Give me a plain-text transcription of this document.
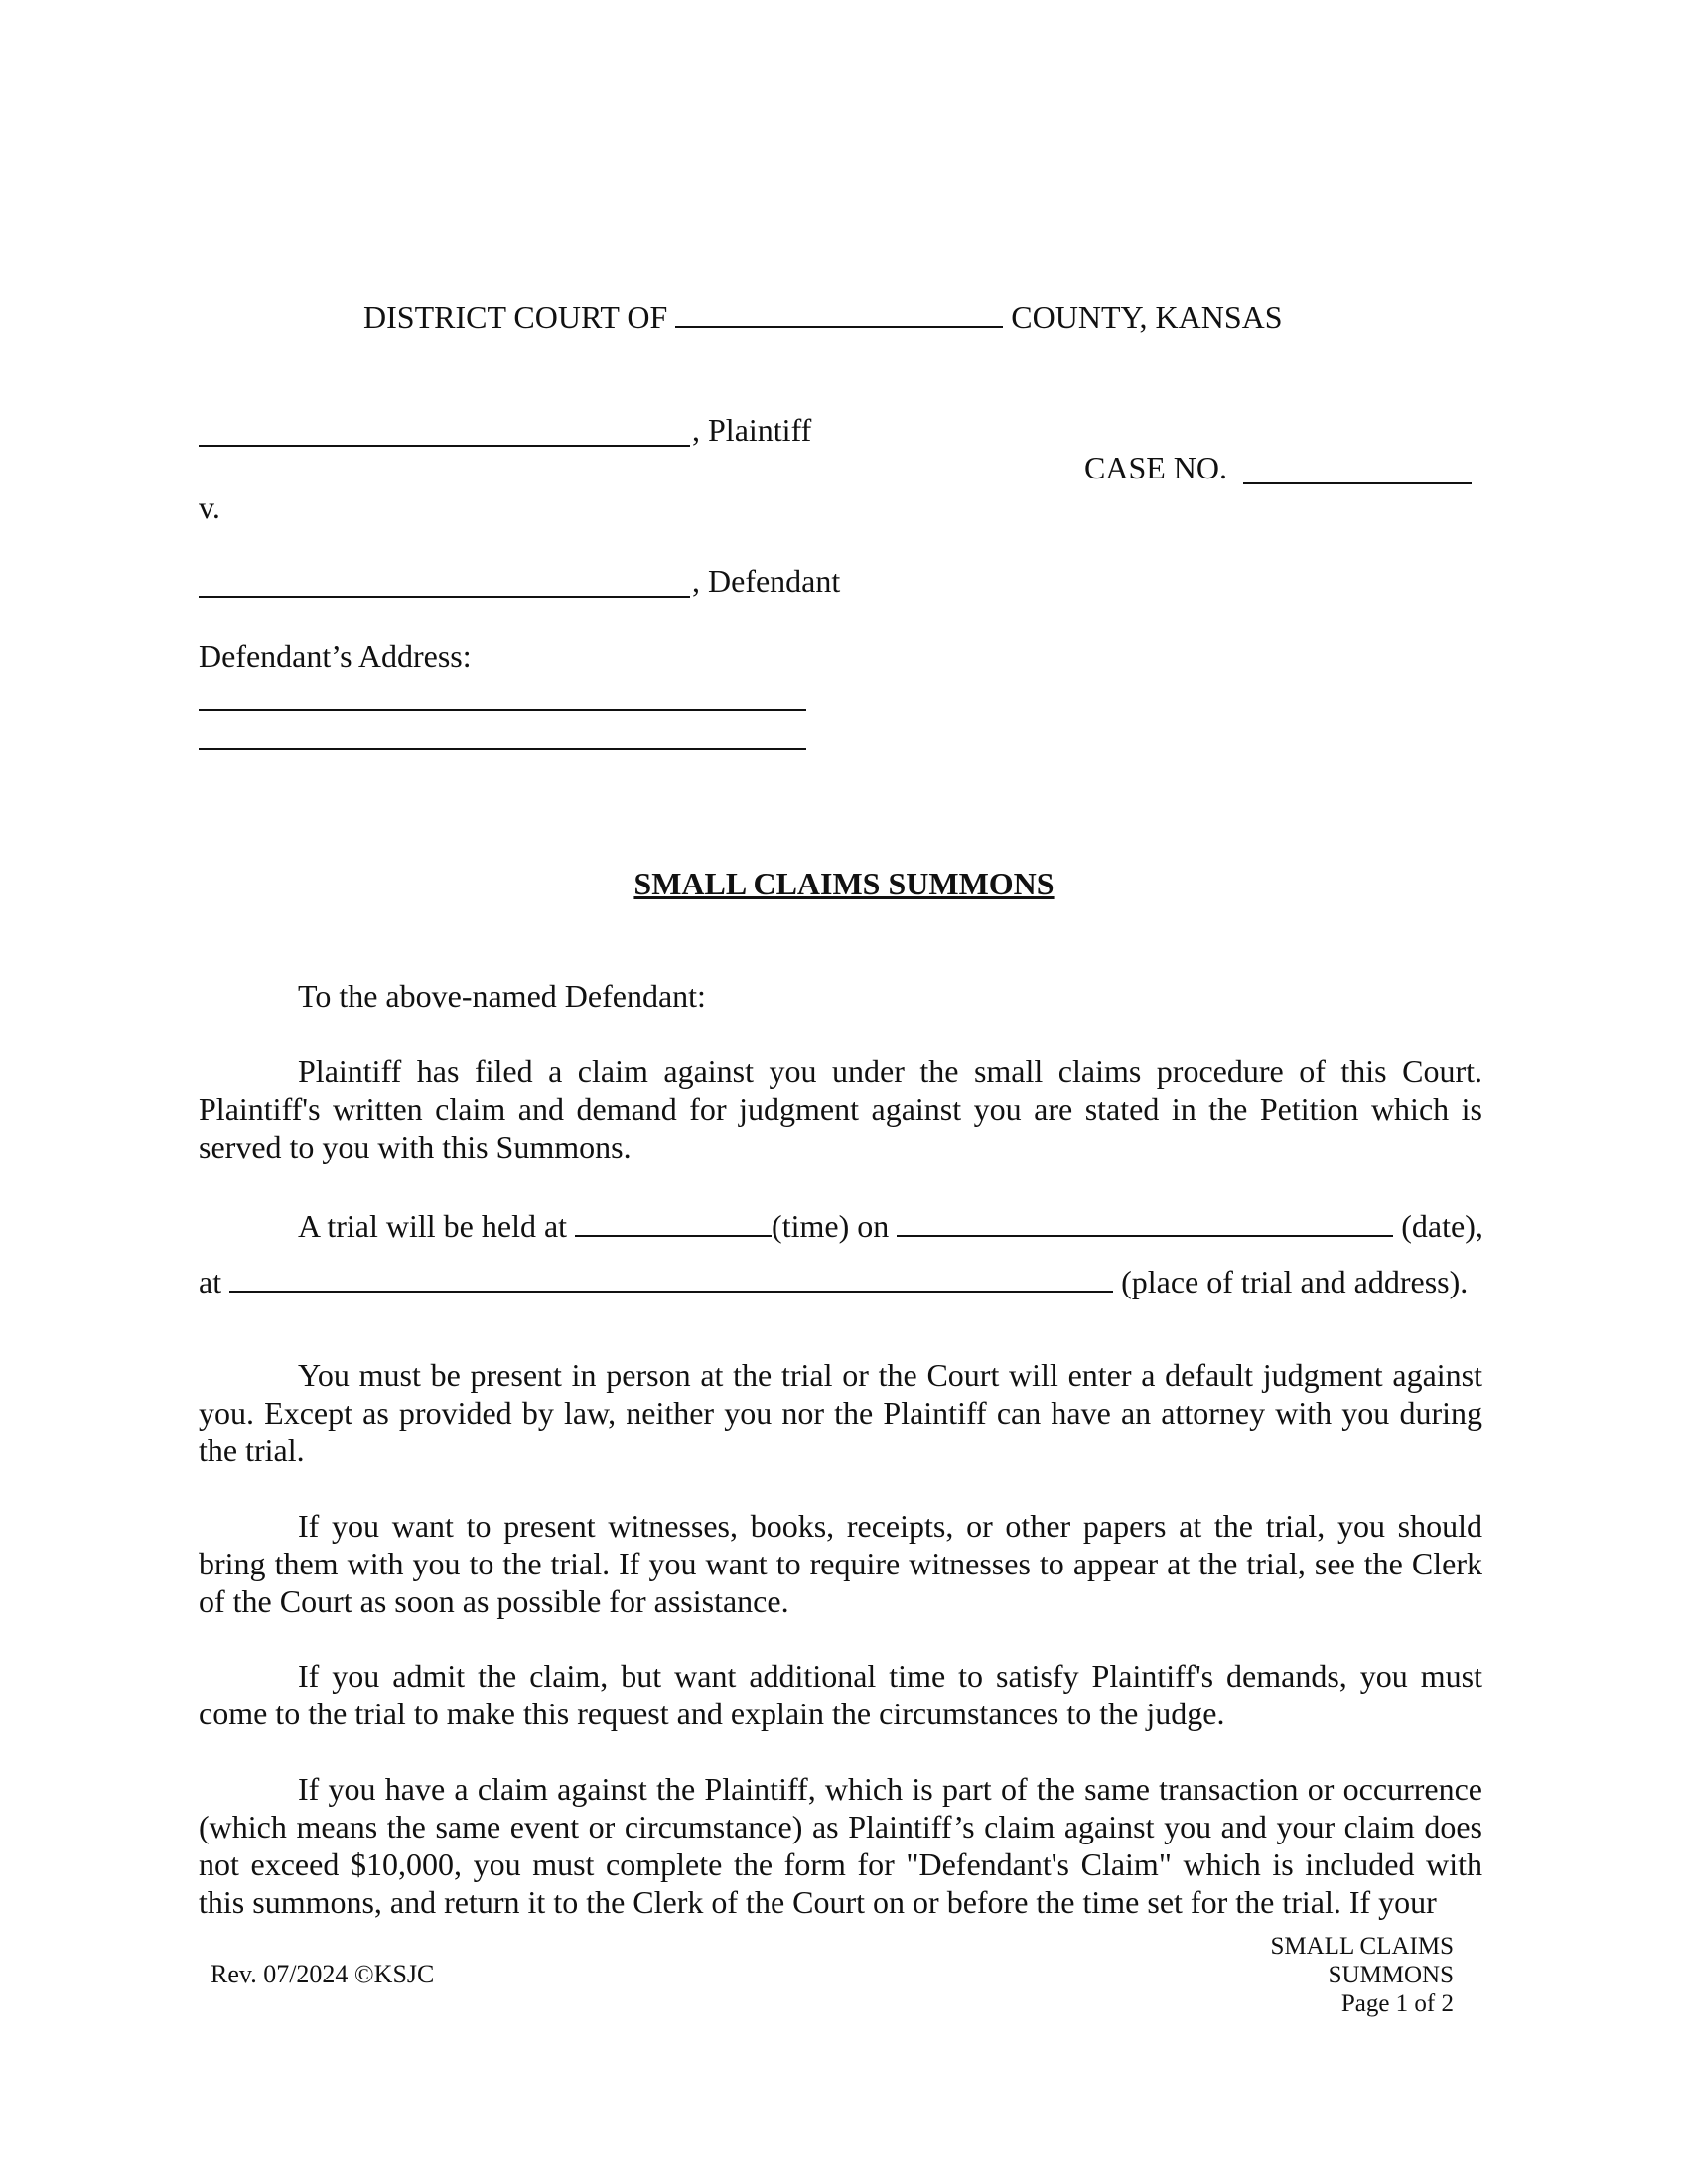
DISTRICT COURT OF	COUNTY, KANSAS
, Plaintiff
CASE NO.
v.
, Defendant
Defendant’s Address:
SMALL CLAIMS SUMMONS
To the above-named Defendant:
Plaintiff has filed a claim against you under the small claims procedure of this Court. Plaintiff's written claim and demand for judgment against you are stated in the Petition which is served to you with this Summons.
A trial will be held at	(time) on	(date),
at	(place of trial and address).
You must be present in person at the trial or the Court will enter a default judgment against you. Except as provided by law, neither you nor the Plaintiff can have an attorney with you during the trial.
If you want to present witnesses, books, receipts, or other papers at the trial, you should bring them with you to the trial. If you want to require witnesses to appear at the trial, see the Clerk of the Court as soon as possible for assistance.
If you admit the claim, but want additional time to satisfy Plaintiff's demands, you must come to the trial to make this request and explain the circumstances to the judge.
If you have a claim against the Plaintiff, which is part of the same transaction or occurrence (which means the same event or circumstance) as Plaintiff’s claim against you and your claim does not exceed $10,000, you must complete the form for "Defendant's Claim" which is included with this summons, and return it to the Clerk of the Court on or before the time set for the trial. If your
Rev. 07/2024 ©KSJC
SMALL CLAIMS
SUMMONS
Page 1 of 2
